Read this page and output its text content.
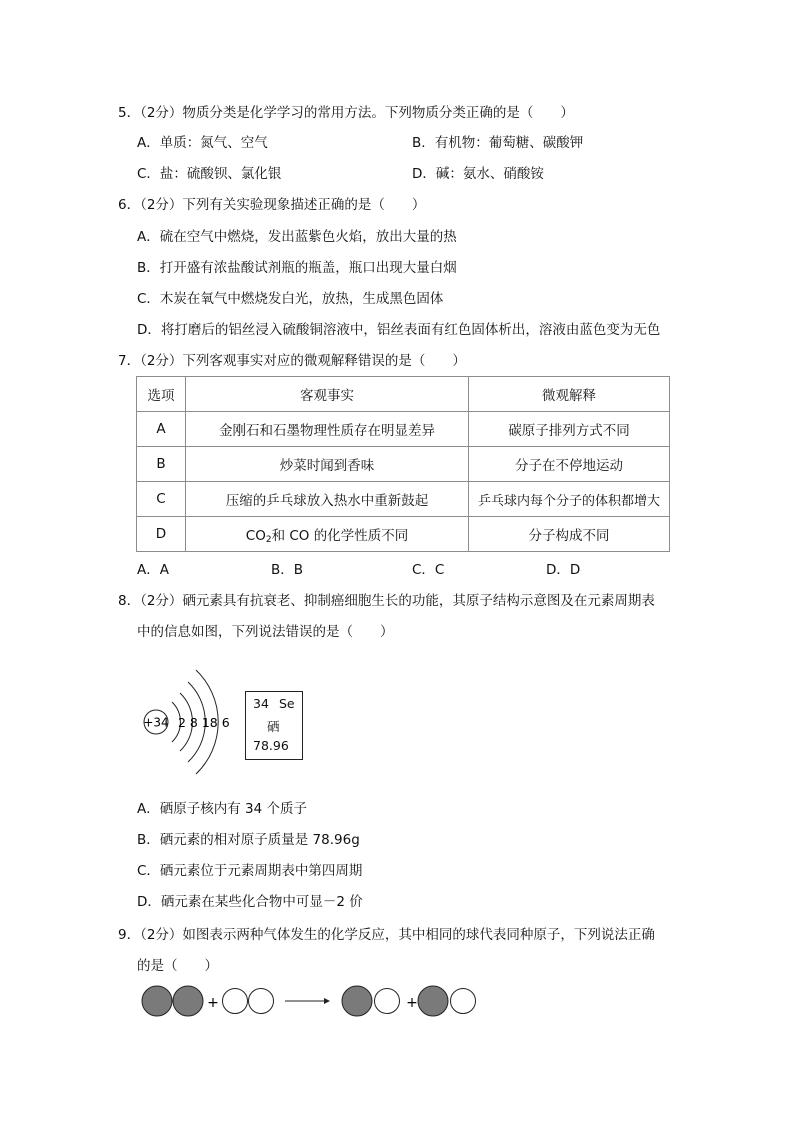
5．（2分）物质分类是化学学习的常用方法。下列物质分类正确的是（　　）
A．单质：氮气、空气	B．有机物：葡萄糖、碳酸钾
C．盐：硫酸钡、氯化银	D．碱：氨水、硝酸铵
6．（2分）下列有关实验现象描述正确的是（　　）
A．硫在空气中燃烧，发出蓝紫色火焰，放出大量的热
B．打开盛有浓盐酸试剂瓶的瓶盖，瓶口出现大量白烟
C．木炭在氧气中燃烧发白光，放热，生成黑色固体
D．将打磨后的铝丝浸入硫酸铜溶液中，铝丝表面有红色固体析出，溶液由蓝色变为无色
7．（2分）下列客观事实对应的微观解释错误的是（　　）
选项	客观事实	微观解释
A	金刚石和石墨物理性质存在明显差异	碳原子排列方式不同
B	炒菜时闻到香味	分子在不停地运动
C	压缩的乒乓球放入热水中重新鼓起	乒乓球内每个分子的体积都增大
D	$CO_2$和 CO 的化学性质不同	分子构成不同
A．A	B．B	C．C	D．D
8．（2分）硒元素具有抗衰老、抑制癌细胞生长的功能，其原子结构示意图及在元素周期表
中的信息如图，下列说法错误的是（　　）
+34 2 8 18 6
34 Se
硒
78.96
A．硒原子核内有 34 个质子
B．硒元素的相对原子质量是 78.96g
C．硒元素位于元素周期表中第四周期
D．硒元素在某些化合物中可显－2 价
9．（2分）如图表示两种气体发生的化学反应，其中相同的球代表同种原子，下列说法正确
的是（　　）
+	+
